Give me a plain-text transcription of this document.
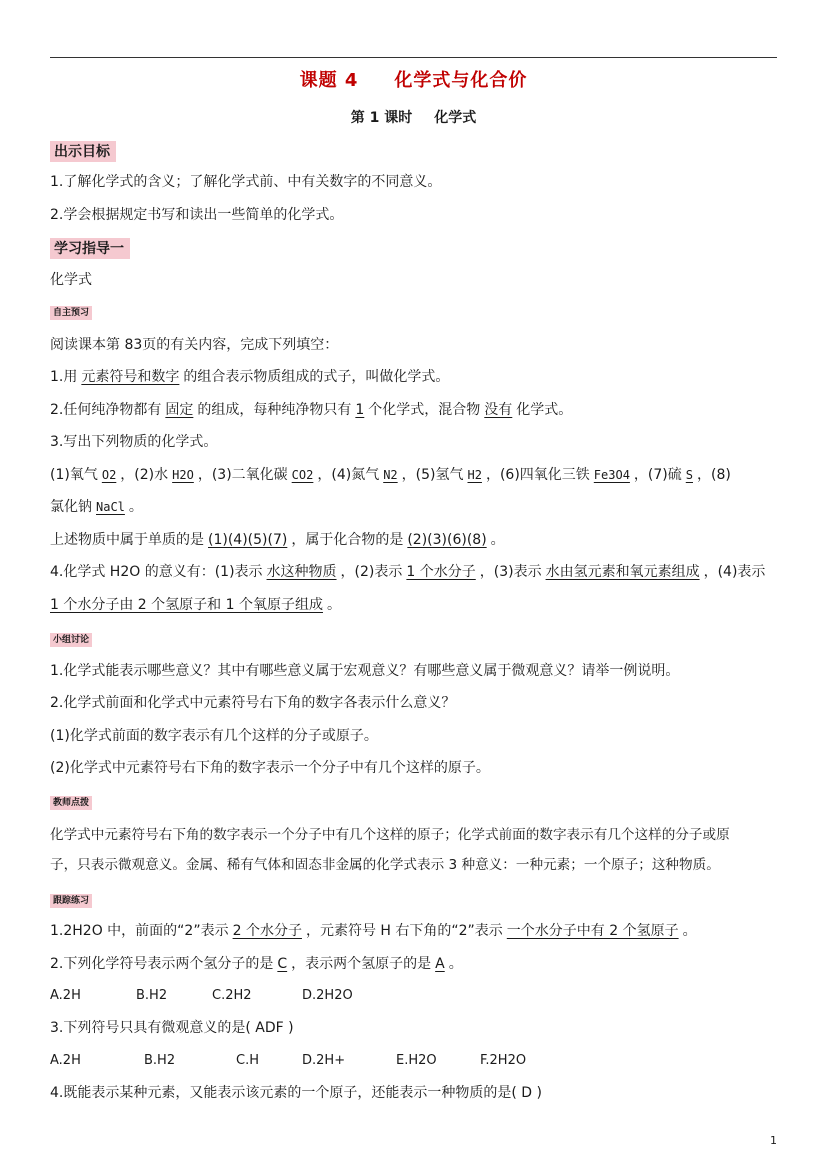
课题 4 化学式与化合价
第 1 课时 化学式
出示目标
1.了解化学式的含义；了解化学式前、中有关数字的不同意义。
2.学会根据规定书写和读出一些简单的化学式。
学习指导一
化学式
自主预习
阅读课本第 83页的有关内容，完成下列填空：
1.用 元素符号和数字 的组合表示物质组成的式子，叫做化学式。
2.任何纯净物都有 固定 的组成，每种纯净物只有 1 个化学式，混合物 没有 化学式。
3.写出下列物质的化学式。
(1)氧气 O2 ，(2)水 H2O ，(3)二氧化碳 CO2 ，(4)氮气 N2 ，(5)氢气 H2 ，(6)四氧化三铁 Fe3O4 ，(7)硫 S ，(8)
氯化钠 NaCl 。
上述物质中属于单质的是 (1)(4)(5)(7) ，属于化合物的是 (2)(3)(6)(8) 。
4.化学式 H2O 的意义有：(1)表示 水这种物质 ，(2)表示 1 个水分子 ，(3)表示 水由氢元素和氧元素组成 ，(4)表示
1 个水分子由 2 个氢原子和 1 个氧原子组成 。
小组讨论
1.化学式能表示哪些意义？其中有哪些意义属于宏观意义？有哪些意义属于微观意义？请举一例说明。
2.化学式前面和化学式中元素符号右下角的数字各表示什么意义？
(1)化学式前面的数字表示有几个这样的分子或原子。
(2)化学式中元素符号右下角的数字表示一个分子中有几个这样的原子。
教师点拨
化学式中元素符号右下角的数字表示一个分子中有几个这样的原子；化学式前面的数字表示有几个这样的分子或原
子，只表示微观意义。金属、稀有气体和固态非金属的化学式表示 3 种意义：一种元素；一个原子；这种物质。
跟踪练习
1.2H2O 中，前面的“2”表示 2 个水分子 ，元素符号 H 右下角的“2”表示 一个水分子中有 2 个氢原子 。
2.下列化学符号表示两个氢分子的是 C ，表示两个氢原子的是 A 。
A.2H	B.H2	C.2H2	D.2H2O
3.下列符号只具有微观意义的是( ADF )
A.2H	B.H2	C.H	D.2H+	E.H2O	F.2H2O
4.既能表示某种元素，又能表示该元素的一个原子，还能表示一种物质的是( D )
1
